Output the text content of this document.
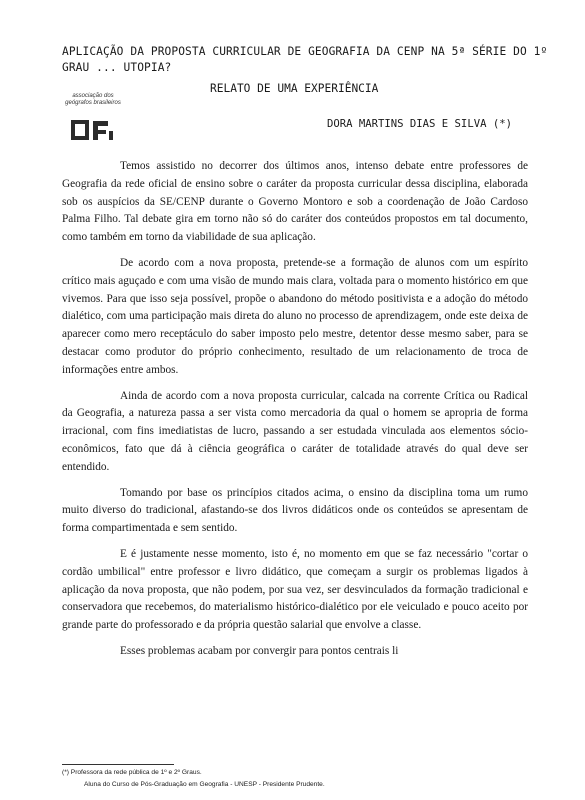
APLICAÇÃO DA PROPOSTA CURRICULAR DE GEOGRAFIA DA CENP NA 5ª SÉRIE DO 1º GRAU ... UTOPIA?
associação dos geógrafos brasileiros
RELATO DE UMA EXPERIÊNCIA
DORA MARTINS DIAS E SILVA (*)

Temos assistido no decorrer dos últimos anos, intenso debate entre professores de Geografia da rede oficial de ensino sobre o caráter da proposta curricular dessa disciplina, elaborada sob os auspícios da SE/CENP durante o Governo Montoro e sob a coordenação de João Cardoso Palma Filho. Tal debate gira em torno não só do caráter dos conteúdos propostos em tal documento, como também em torno da viabilidade de sua aplicação.

De acordo com a nova proposta, pretende-se a formação de alunos com um espírito crítico mais aguçado e com uma visão de mundo mais clara, voltada para o momento histórico em que vivemos. Para que isso seja possível, propõe o abandono do método positivista e a adoção do método dialético, com uma participação mais direta do aluno no processo de aprendizagem, onde este deixa de aparecer como mero receptáculo do saber imposto pelo mestre, detentor desse mesmo saber, para se destacar como produtor do próprio conhecimento, resultado de um relacionamento de troca de informações entre ambos.

Ainda de acordo com a nova proposta curricular, calcada na corrente Crítica ou Radical da Geografia, a natureza passa a ser vista como mercadoria da qual o homem se apropria de forma irracional, com fins imediatistas de lucro, passando a ser estudada vinculada aos elementos sócio-econômicos, fato que dá à ciência geográfica o caráter de totalidade através do qual deve ser entendido.

Tomando por base os princípios citados acima, o ensino da disciplina toma um rumo muito diverso do tradicional, afastando-se dos livros didáticos onde os conteúdos se apresentam de forma compartimentada e sem sentido.

E é justamente nesse momento, isto é, no momento em que se faz necessário "cortar o cordão umbilical" entre professor e livro didático, que começam a surgir os problemas ligados à aplicação da nova proposta, que não podem, por sua vez, ser desvinculados da formação tradicional e conservadora que recebemos, do materialismo histórico-dialético por ele veiculado e pouco aceito por grande parte do professorado e da própria questão salarial que envolve a classe.

Esses problemas acabam por convergir para pontos centrais li

(*) Professora da rede pública de 1º e 2º Graus.
Aluna do Curso de Pós-Graduação em Geografia - UNESP - Presidente Prudente.
